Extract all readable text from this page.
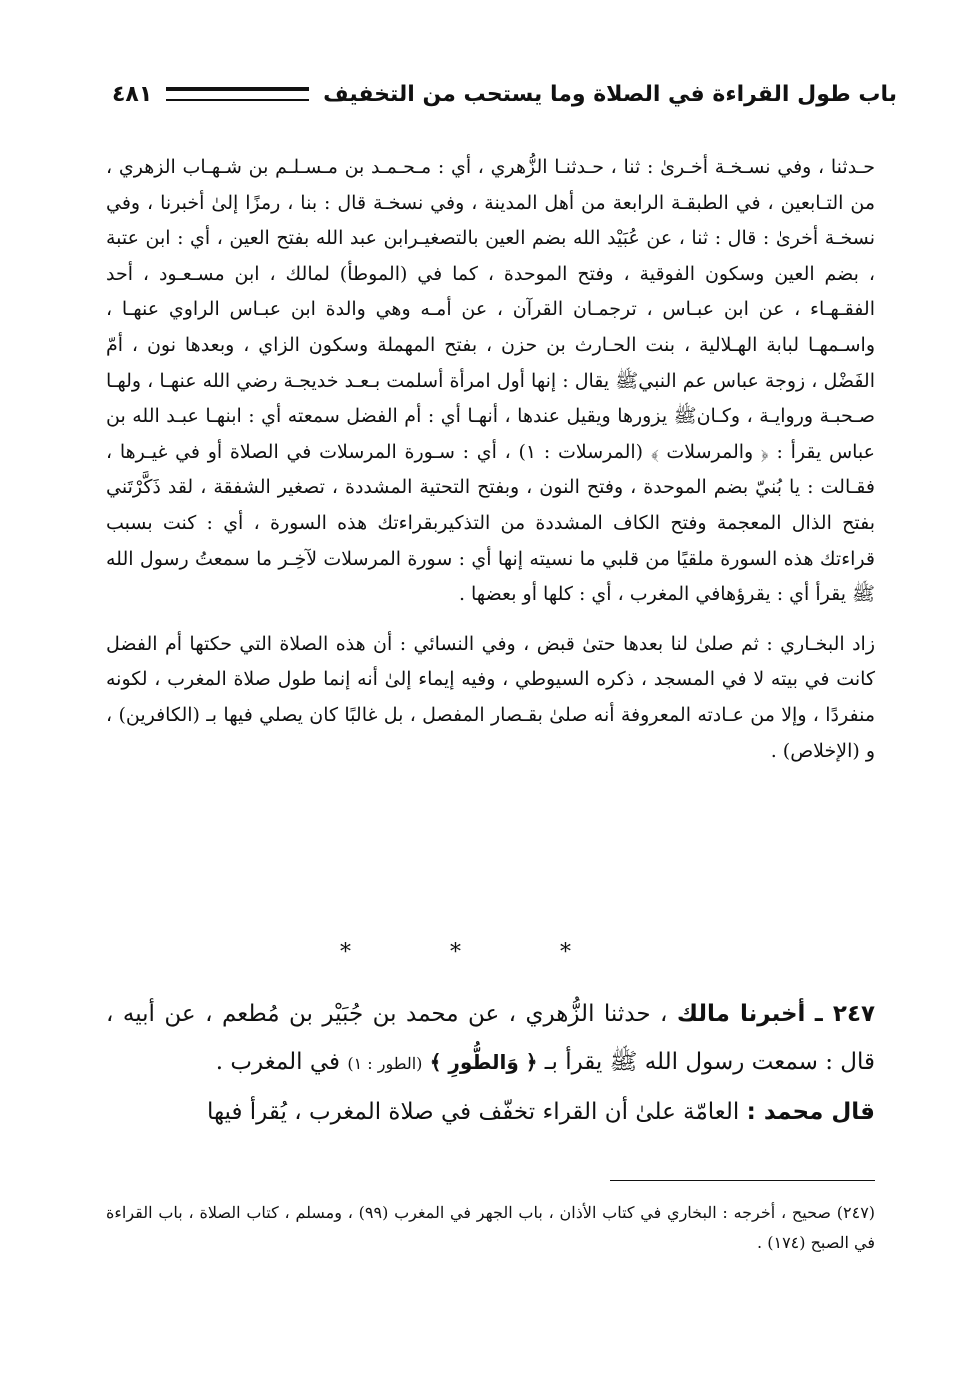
باب طول القراءة في الصلاة وما يستحب من التخفيف
٤٨١

حـدثنا ، وفي نسـخـة أخـرىٰ : ثنا ، حـدثنـا الزُّهري ، أي : مـحـمـد بن مـسـلـم بن شـهـاب الزهري ، من التـابعين ، في الطبقـة الرابعة من أهل المدينة ، وفي نسخـة قال : بنا ، رمزًا إلىٰ أخبرنا ، وفي نسخـة أخرىٰ : قال : ثنا ، عن عُبَيْد الله بضم العين بالتصغيـرابن عبد الله بفتح العين ، أي : ابن عتبة ، بضم العين وسكون الفوقية ، وفتح الموحدة ، كما في (الموطأ) لمالك ، ابن مسـعـود ، أحد الفقـهـاء ، عن ابن عبـاس ، ترجمـان القرآن ، عن أمـه وهي والدة ابن عبـاس الراوي عنهـا ، واسـمهـا لبابة الهـلالية ، بنت الحـارث بن حزن ، بفتح المهملة وسكون الزاي ، وبعدها نون ، أمّ الفَضْل ، زوجة عباس عم النبيﷺ يقال : إنها أول امرأة أسلمت بـعـد خديجـة رضي الله عنهـا ، ولهـا صـحبـة وروايـة ، وكـانﷺ يزورها ويقيل عندها ، أنهـا أي : أم الفضل سمعته أي : ابنهـا عبـد الله بن عباس يقرأ : ﴿ والمرسلات ﴾ (المرسلات : ١) ، أي : سـورة المرسلات في الصلاة أو في غيـرها ، فقـالت : يا بُنيّ بضم الموحدة ، وفتح النون ، وبفتح التحتية المشددة ، تصغير الشفقة ، لقد ذَكَّرْتَني بفتح الذال المعجمة وفتح الكاف المشددة من التذكيربقراءتك هذه السورة ، أي : كنت بسبب قراءتك هذه السورة ملقيًا من قلبي ما نسيته إنها أي : سورة المرسلات لآخِـر ما سمعتُ رسول الله ﷺ يقرأ أي : يقرؤهافي المغرب ، أي : كلها أو بعضها .

زاد البخـاري : ثم صلىٰ لنا بعدها حتىٰ قبض ، وفي النسائي : أن هذه الصلاة التي حكتها أم الفضل كانت في بيته لا في المسجد ، ذكره السيوطي ، وفيه إيماء إلىٰ أنه إنما طول صلاة المغرب ، لكونه منفردًا ، وإلا من عـادته المعروفة أنه صلىٰ بقـصار المفصل ، بل غالبًا كان يصلي فيها بـ (الكافرين) ، و (الإخلاص) .

* * *

٢٤٧ ـ أخبرنا مالك ، حدثنا الزُّهري ، عن محمد بن جُبَيْر بن مُطعم ، عن أبيه ، قال : سمعت رسول الله ﷺ يقرأ بـ ﴿ وَالطُّورِ ﴾ (الطور : ١) في المغرب .

قال محمد : العامّة علىٰ أن القراء تخفّف في صلاة المغرب ، يُقرأ فيها

(٢٤٧) صحيح ، أخرجه : البخاري في كتاب الأذان ، باب الجهر في المغرب (٩٩) ، ومسلم ، كتاب الصلاة ، باب القراءة في الصبح (١٧٤) .
